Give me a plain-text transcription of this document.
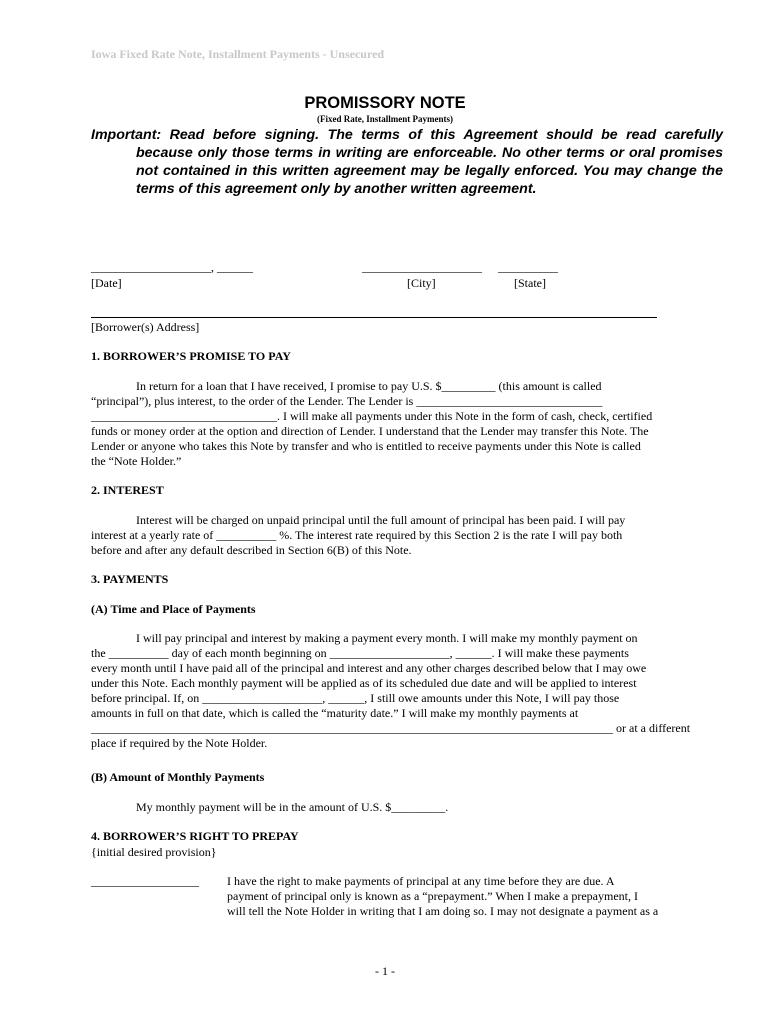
Iowa Fixed Rate Note, Installment Payments - Unsecured
PROMISSORY NOTE
(Fixed Rate, Installment Payments)
Important: Read before signing. The terms of this Agreement should be read carefully because only those terms in writing are enforceable. No other terms or oral promises not contained in this written agreement may be legally enforced. You may change the terms of this agreement only by another written agreement.
____________________, ______	____________________ __________
[Date]	[City]	[State]
[Borrower(s) Address]
1. BORROWER’S PROMISE TO PAY
In return for a loan that I have received, I promise to pay U.S. $_________ (this amount is called
“principal”), plus interest, to the order of the Lender. The Lender is _______________________________
_______________________________. I will make all payments under this Note in the form of cash, check, certified
funds or money order at the option and direction of Lender. I understand that the Lender may transfer this Note. The
Lender or anyone who takes this Note by transfer and who is entitled to receive payments under this Note is called
the “Note Holder.”
2. INTEREST
Interest will be charged on unpaid principal until the full amount of principal has been paid. I will pay
interest at a yearly rate of __________ %. The interest rate required by this Section 2 is the rate I will pay both
before and after any default described in Section 6(B) of this Note.
3. PAYMENTS
(A) Time and Place of Payments
I will pay principal and interest by making a payment every month. I will make my monthly payment on
the __________ day of each month beginning on ____________________, ______. I will make these payments
every month until I have paid all of the principal and interest and any other charges described below that I may owe
under this Note. Each monthly payment will be applied as of its scheduled due date and will be applied to interest
before principal. If, on ____________________, ______, I still owe amounts under this Note, I will pay those
amounts in full on that date, which is called the “maturity date.” I will make my monthly payments at
_______________________________________________________________________________________ or at a different
place if required by the Note Holder.
(B) Amount of Monthly Payments
My monthly payment will be in the amount of U.S. $_________.
4. BORROWER’S RIGHT TO PREPAY
{initial desired provision}
__________________ I have the right to make payments of principal at any time before they are due. A
payment of principal only is known as a “prepayment.” When I make a prepayment, I
will tell the Note Holder in writing that I am doing so. I may not designate a payment as a
- 1 -
